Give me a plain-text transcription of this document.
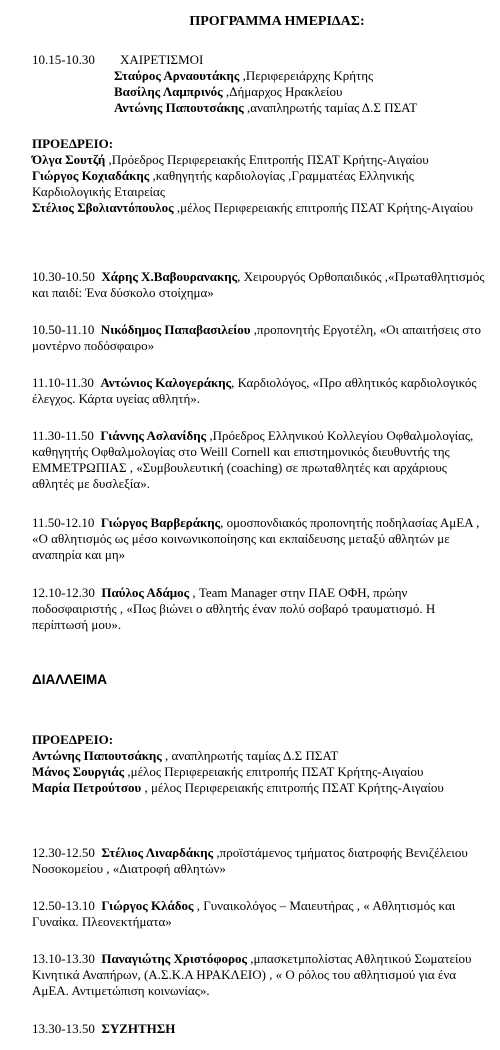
ΠΡΟΓΡΑΜΜΑ ΗΜΕΡΙΔΑΣ:
10.15-10.30 ΧΑΙΡΕΤΙΣΜΟΙ
Σταύρος Αρναουτάκης ,Περιφερειάρχης Κρήτης
Βασίλης Λαμπρινός ,Δήμαρχος Ηρακλείου
Αντώνης Παπουτσάκης ,αναπληρωτής ταμίας Δ.Σ ΠΣΑΤ
ΠΡΟΕΔΡΕΙΟ:
Όλγα Σουτζή ,Πρόεδρος Περιφερειακής Επιτροπής ΠΣΑΤ Κρήτης-Αιγαίου
Γιώργος Κοχιαδάκης ,καθηγητής καρδιολογίας ,Γραμματέας Ελληνικής Καρδιολογικής Εταιρείας
Στέλιος Σβολιαντόπουλος ,μέλος Περιφερειακής επιτροπής ΠΣΑΤ Κρήτης-Αιγαίου
10.30-10.50 Χάρης Χ.Βαβουρανακης, Χειρουργός Ορθοπαιδικός ,«Πρωταθλητισμός και παιδί: Ένα δύσκολο στοίχημα»
10.50-11.10 Νικόδημος Παπαβασιλείου ,προπονητής Εργοτέλη, «Οι απαιτήσεις στο μοντέρνο ποδόσφαιρο»
11.10-11.30 Αντώνιος Καλογεράκης, Καρδιολόγος, «Προ αθλητικός καρδιολογικός έλεγχος. Κάρτα υγείας αθλητή».
11.30-11.50 Γιάννης Ασλανίδης ,Πρόεδρος Ελληνικού Κολλεγίου Οφθαλμολογίας, καθηγητής Οφθαλμολογίας στο Weill Cornell και επιστημονικός διευθυντής της ΕΜΜΕΤΡΩΠΙΑΣ , «Συμβουλευτική (coaching) σε πρωταθλητές και αρχάριους αθλητές με δυσλεξία».
11.50-12.10 Γιώργος Βαρβεράκης, ομοσπονδιακός προπονητής ποδηλασίας ΑμΕΑ , «Ο αθλητισμός ως μέσο κοινωνικοποίησης και εκπαίδευσης μεταξύ αθλητών με αναπηρία και μη»
12.10-12.30 Παύλος Αδάμος , Team Manager στην ΠΑΕ ΟΦΗ, πρώην ποδοσφαιριστής , «Πως βιώνει ο αθλητής έναν πολύ σοβαρό τραυματισμό. Η περίπτωσή μου».
ΔΙΑΛΛΕΙΜΑ
ΠΡΟΕΔΡΕΙΟ:
Αντώνης Παπουτσάκης , αναπληρωτής ταμίας Δ.Σ ΠΣΑΤ
Μάνος Σουργιάς ,μέλος Περιφερειακής επιτροπής ΠΣΑΤ Κρήτης-Αιγαίου
Μαρία Πετρούτσου , μέλος Περιφερειακής επιτροπής ΠΣΑΤ Κρήτης-Αιγαίου
12.30-12.50 Στέλιος Λιναρδάκης ,προϊστάμενος τμήματος διατροφής Βενιζέλειου Νοσοκομείου , «Διατροφή αθλητών»
12.50-13.10 Γιώργος Κλάδος , Γυναικολόγος – Μαιευτήρας , « Αθλητισμός και Γυναίκα. Πλεονεκτήματα»
13.10-13.30 Παναγιώτης Χριστόφορος ,μπασκετμπολίστας Αθλητικού Σωματείου Κινητικά Αναπήρων, (Α.Σ.Κ.Α ΗΡΑΚΛΕΙΟ) , « Ο ρόλος του αθλητισμού για ένα ΑμΕΑ. Αντιμετώπιση κοινωνίας».
13.30-13.50 ΣΥΖΗΤΗΣΗ
